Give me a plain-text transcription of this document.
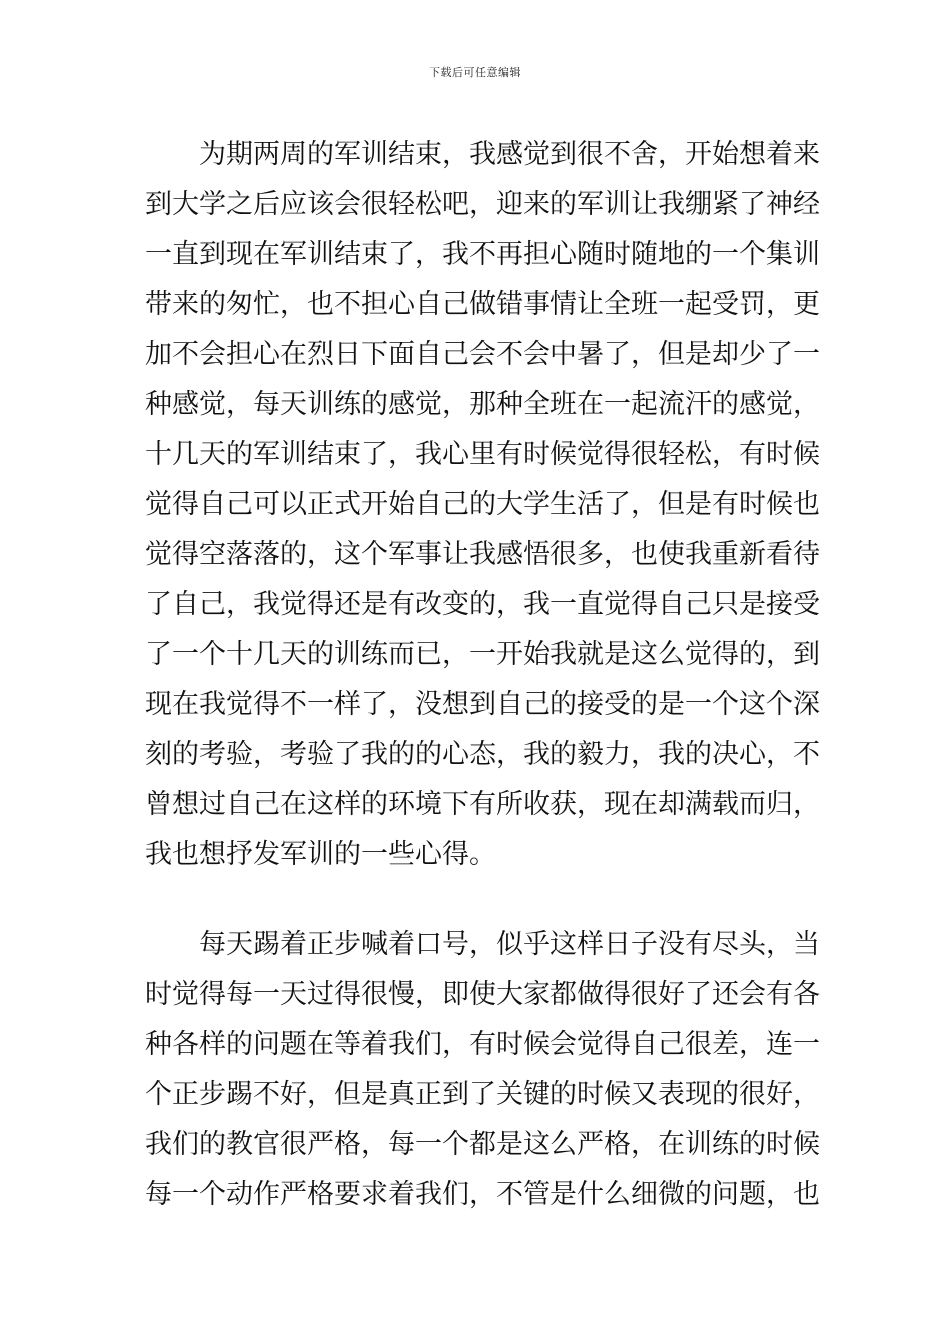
下载后可任意编辑
为期两周的军训结束，我感觉到很不舍，开始想着来
到大学之后应该会很轻松吧，迎来的军训让我绷紧了神经
一直到现在军训结束了，我不再担心随时随地的一个集训
带来的匆忙，也不担心自己做错事情让全班一起受罚，更
加不会担心在烈日下面自己会不会中暑了，但是却少了一
种感觉，每天训练的感觉，那种全班在一起流汗的感觉，
十几天的军训结束了，我心里有时候觉得很轻松，有时候
觉得自己可以正式开始自己的大学生活了，但是有时候也
觉得空落落的，这个军事让我感悟很多，也使我重新看待
了自己，我觉得还是有改变的，我一直觉得自己只是接受
了一个十几天的训练而已，一开始我就是这么觉得的，到
现在我觉得不一样了，没想到自己的接受的是一个这个深
刻的考验，考验了我的的心态，我的毅力，我的决心，不
曾想过自己在这样的环境下有所收获，现在却满载而归，
我也想抒发军训的一些心得。
每天踢着正步喊着口号，似乎这样日子没有尽头，当
时觉得每一天过得很慢，即使大家都做得很好了还会有各
种各样的问题在等着我们，有时候会觉得自己很差，连一
个正步踢不好，但是真正到了关键的时候又表现的很好，
我们的教官很严格，每一个都是这么严格，在训练的时候
每一个动作严格要求着我们，不管是什么细微的问题，也
